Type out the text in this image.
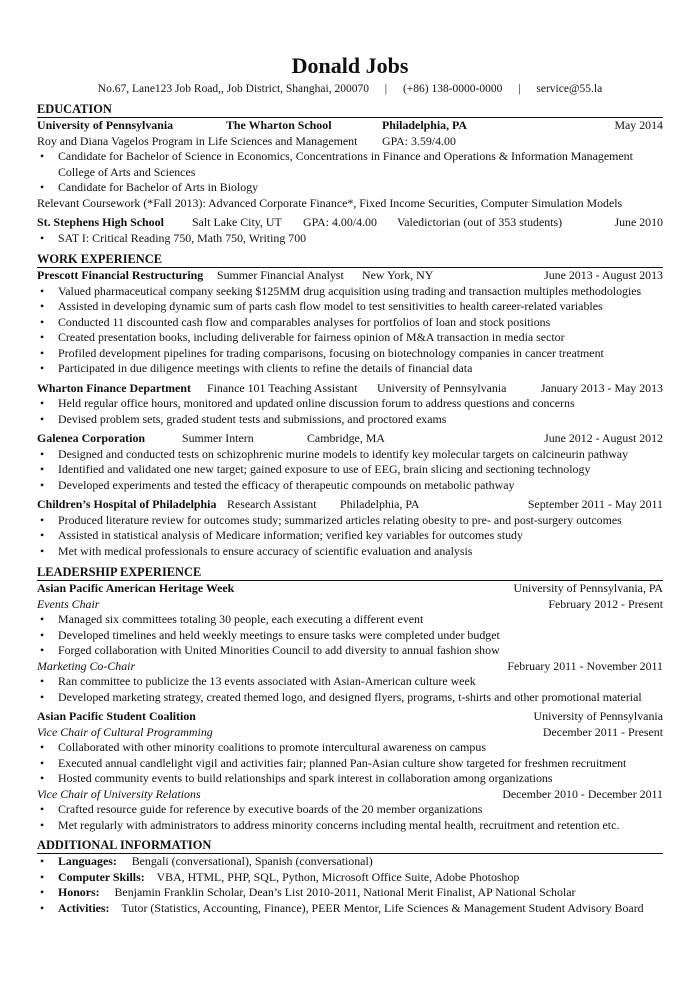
Donald Jobs
No.67, Lane123 Job Road,, Job District, Shanghai, 200070 | (+86) 138-0000-0000 | service@55.la
EDUCATION
University of Pennsylvania	The Wharton School	Philadelphia, PA	May 2014
Roy and Diana Vagelos Program in Life Sciences and Management GPA: 3.59/4.00
• Candidate for Bachelor of Science in Economics, Concentrations in Finance and Operations & Information Management
College of Arts and Sciences
• Candidate for Bachelor of Arts in Biology
Relevant Coursework (*Fall 2013): Advanced Corporate Finance*, Fixed Income Securities, Computer Simulation Models
St. Stephens High School Salt Lake City, UT GPA: 4.00/4.00 Valedictorian (out of 353 students)	June 2010
• SAT I: Critical Reading 750, Math 750, Writing 700
WORK EXPERIENCE
Prescott Financial Restructuring Summer Financial Analyst New York, NY	June 2013 - August 2013
• Valued pharmaceutical company seeking $125MM drug acquisition using trading and transaction multiples methodologies
• Assisted in developing dynamic sum of parts cash flow model to test sensitivities to health career-related variables
• Conducted 11 discounted cash flow and comparables analyses for portfolios of loan and stock positions
• Created presentation books, including deliverable for fairness opinion of M&A transaction in media sector
• Profiled development pipelines for trading comparisons, focusing on biotechnology companies in cancer treatment
• Participated in due diligence meetings with clients to refine the details of financial data
Wharton Finance Department Finance 101 Teaching Assistant University of Pennsylvania	January 2013 - May 2013
• Held regular office hours, monitored and updated online discussion forum to address questions and concerns
• Devised problem sets, graded student tests and submissions, and proctored exams
Galenea Corporation	Summer Intern	Cambridge, MA	June 2012 - August 2012
• Designed and conducted tests on schizophrenic murine models to identify key molecular targets on calcineurin pathway
• Identified and validated one new target; gained exposure to use of EEG, brain slicing and sectioning technology
• Developed experiments and tested the efficacy of therapeutic compounds on metabolic pathway
Children’s Hospital of Philadelphia Research Assistant Philadelphia, PA	September 2011 - May 2011
• Produced literature review for outcomes study; summarized articles relating obesity to pre- and post-surgery outcomes
• Assisted in statistical analysis of Medicare information; verified key variables for outcomes study
• Met with medical professionals to ensure accuracy of scientific evaluation and analysis
LEADERSHIP EXPERIENCE
Asian Pacific American Heritage Week	University of Pennsylvania, PA
Events Chair	February 2012 - Present
• Managed six committees totaling 30 people, each executing a different event
• Developed timelines and held weekly meetings to ensure tasks were completed under budget
• Forged collaboration with United Minorities Council to add diversity to annual fashion show
Marketing Co-Chair	February 2011 - November 2011
• Ran committee to publicize the 13 events associated with Asian-American culture week
• Developed marketing strategy, created themed logo, and designed flyers, programs, t-shirts and other promotional material
Asian Pacific Student Coalition	University of Pennsylvania
Vice Chair of Cultural Programming	December 2011 - Present
• Collaborated with other minority coalitions to promote intercultural awareness on campus
• Executed annual candlelight vigil and activities fair; planned Pan-Asian culture show targeted for freshmen recruitment
• Hosted community events to build relationships and spark interest in collaboration among organizations
Vice Chair of University Relations	December 2010 - December 2011
• Crafted resource guide for reference by executive boards of the 20 member organizations
• Met regularly with administrators to address minority concerns including mental health, recruitment and retention etc.
ADDITIONAL INFORMATION
• Languages: Bengali (conversational), Spanish (conversational)
• Computer Skills: VBA, HTML, PHP, SQL, Python, Microsoft Office Suite, Adobe Photoshop
• Honors: Benjamin Franklin Scholar, Dean’s List 2010-2011, National Merit Finalist, AP National Scholar
• Activities: Tutor (Statistics, Accounting, Finance), PEER Mentor, Life Sciences & Management Student Advisory Board
